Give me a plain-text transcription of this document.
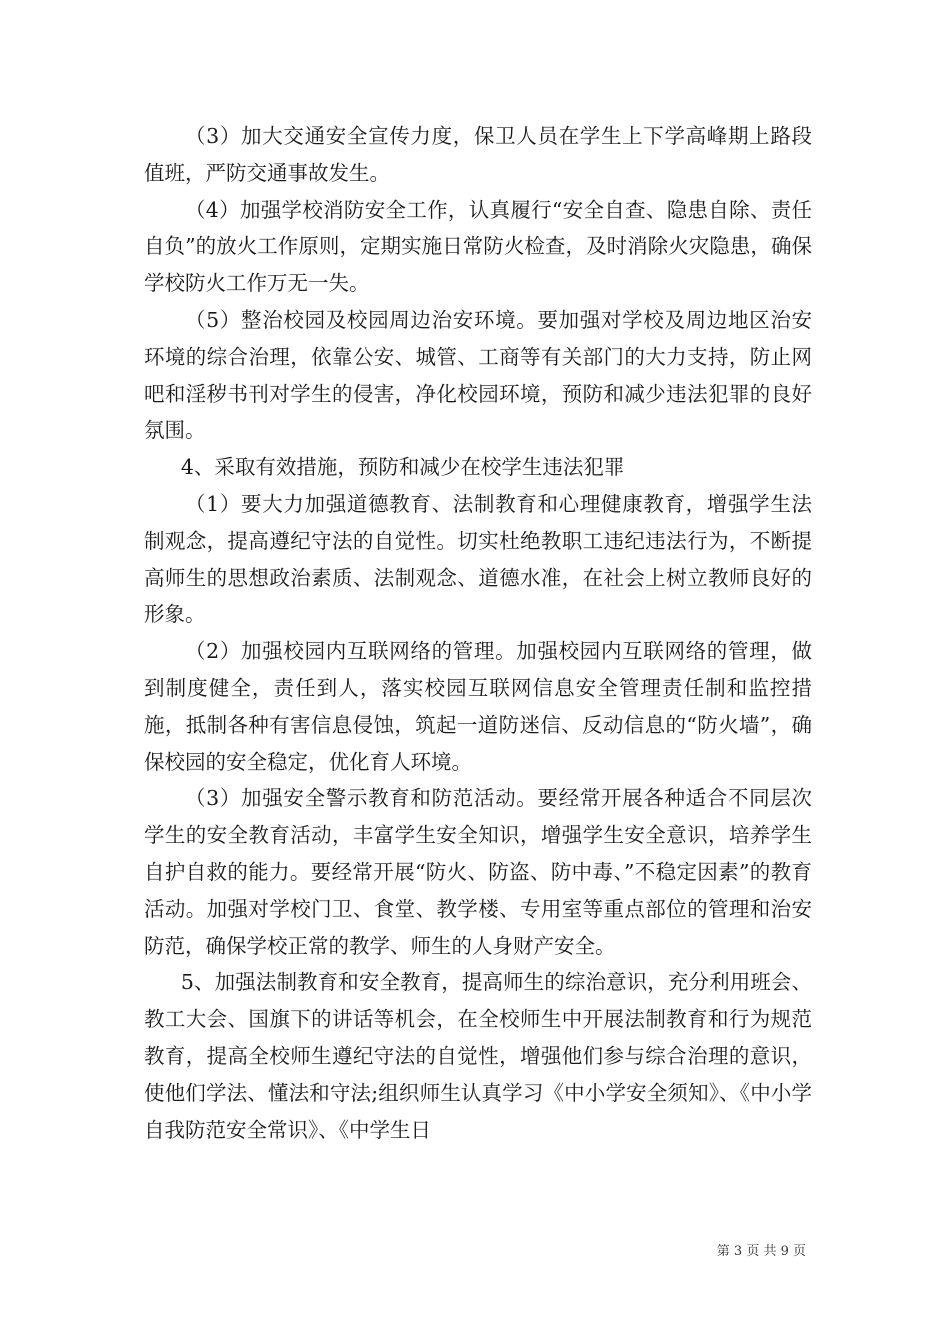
（3）加大交通安全宣传力度，保卫人员在学生上下学高峰期上路段值班，严防交通事故发生。

（4）加强学校消防安全工作，认真履行“安全自查、隐患自除、责任自负”的放火工作原则，定期实施日常防火检查，及时消除火灾隐患，确保学校防火工作万无一失。

（5）整治校园及校园周边治安环境。要加强对学校及周边地区治安环境的综合治理，依靠公安、城管、工商等有关部门的大力支持，防止网吧和淫秽书刊对学生的侵害，净化校园环境，预防和减少违法犯罪的良好氛围。

4、采取有效措施，预防和减少在校学生违法犯罪

（1）要大力加强道德教育、法制教育和心理健康教育，增强学生法制观念，提高遵纪守法的自觉性。切实杜绝教职工违纪违法行为，不断提高师生的思想政治素质、法制观念、道德水准，在社会上树立教师良好的形象。

（2）加强校园内互联网络的管理。加强校园内互联网络的管理，做到制度健全，责任到人，落实校园互联网信息安全管理责任制和监控措施，抵制各种有害信息侵蚀，筑起一道防迷信、反动信息的“防火墙”，确保校园的安全稳定，优化育人环境。

（3）加强安全警示教育和防范活动。要经常开展各种适合不同层次学生的安全教育活动，丰富学生安全知识，增强学生安全意识，培养学生自护自救的能力。要经常开展“防火、防盗、防中毒、”不稳定因素”的教育活动。加强对学校门卫、食堂、教学楼、专用室等重点部位的管理和治安防范，确保学校正常的教学、师生的人身财产安全。

5、加强法制教育和安全教育，提高师生的综治意识，充分利用班会、教工大会、国旗下的讲话等机会，在全校师生中开展法制教育和行为规范教育，提高全校师生遵纪守法的自觉性，增强他们参与综合治理的意识，使他们学法、懂法和守法;组织师生认真学习《中小学安全须知》、《中小学自我防范安全常识》、《中学生日

第 3 页 共 9 页
